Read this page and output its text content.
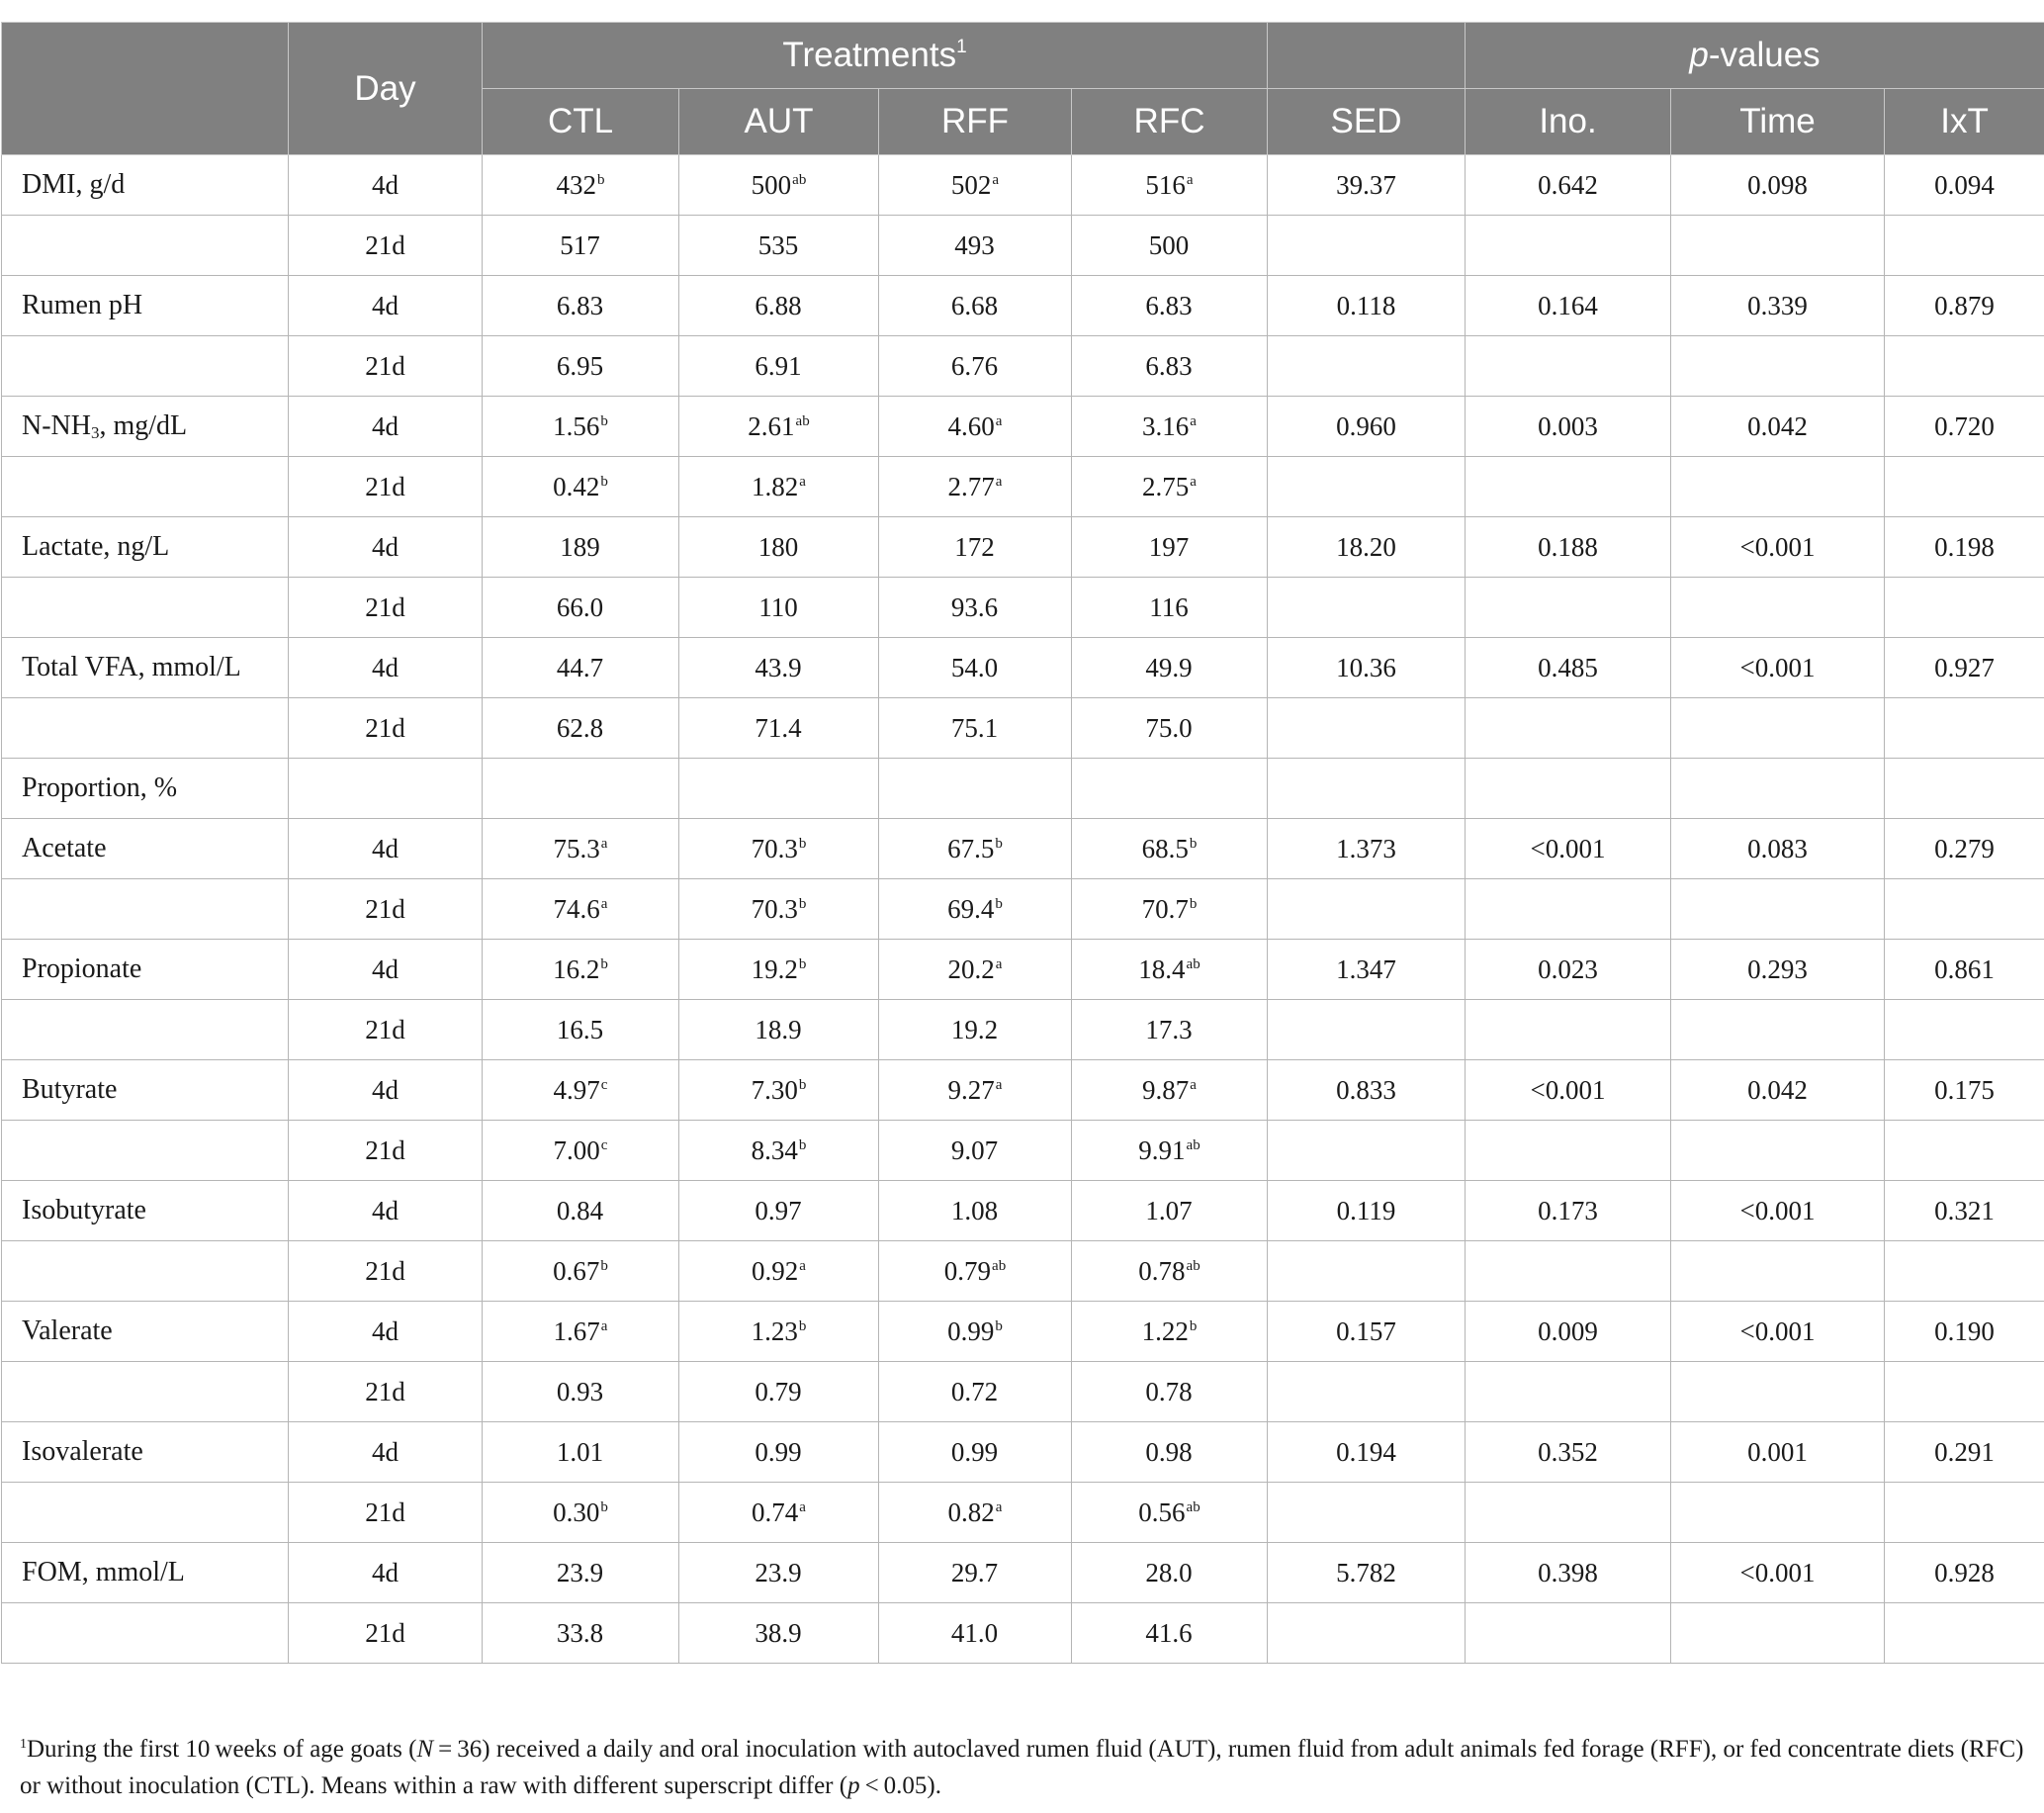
	Day	Treatments$^1$					p-values		
		CTL	AUT	RFF	RFC	SED	Ino.	Time	IxT
DMI, g/d	4d	432$^b$	$500^{ab}$	502$^a$	516$^a$	39.37	0.642	0.098	0.094
	21d	517	535	493	500				
Rumen pH	4d	6.83	6.88	6.68	6.83	0.118	0.164	0.339	0.879
	21d	6.95	6.91	6.76	6.83				
$N-NH_3$, mg/dL	4d	1.56$^b$	2.61$^{ab}$	4.60$^a$	3.16$^a$	0.960	0.003	0.042	0.720
	21d	0.42$^b$	1.82$^a$	2.77$^a$	2.75$^a$				
Lactate, ng/L	4d	189	180	172	197	18.20	0.188	<0.001	0.198
	21d	66.0	110	93.6	116				
Total VFA, mmol/L	4d	44.7	43.9	54.0	49.9	10.36	0.485	<0.001	0.927
	21d	62.8	71.4	75.1	75.0				
Proportion, %									
Acetate	4d	75.3$^a$	70.3$^b$	67.5$^b$	68.5$^b$	1.373	<0.001	0.083	0.279
	21d	74.6$^a$	70.3$^b$	69.4$^b$	70.7$^b$				
Propionate	4d	16.2$^b$	19.2$^b$	20.2$^a$	18.4$^{ab}$	1.347	0.023	0.293	0.861
	21d	16.5	18.9	19.2	17.3				
Butyrate	4d	4.97$^c$	7.30$^b$	9.27$^a$	9.87$^a$	0.833	<0.001	0.042	0.175
	21d	7.00$^c$	8.34$^b$	9.07	9.91$^{ab}$				
Isobutyrate	4d	0.84	0.97	1.08	1.07	0.119	0.173	<0.001	0.321
	21d	0.67$^b$	0.92$^a$	0.79$^{ab}$	0.78$^{ab}$				
Valerate	4d	1.67$^a$	1.23$^b$	0.99$^b$	1.22$^b$	0.157	0.009	<0.001	0.190
	21d	0.93	0.79	0.72	0.78				
Isovalerate	4d	1.01	0.99	0.99	0.98	0.194	0.352	0.001	0.291
	21d	0.30$^b$	0.74$^a$	0.82$^a$	0.56$^{ab}$				
FOM, mmol/L	4d	23.9	23.9	29.7	28.0	5.782	0.398	<0.001	0.928
	21d	33.8	38.9	41.0	41.6				
$^1$During the first 10 weeks of age goats (N = 36) received a daily and oral inoculation with autoclaved rumen fluid (AUT), rumen fluid from adult animals fed forage (RFF), or fed concentrate diets (RFC) or without inoculation (CTL). Means within a raw with different superscript differ (p < 0.05).
